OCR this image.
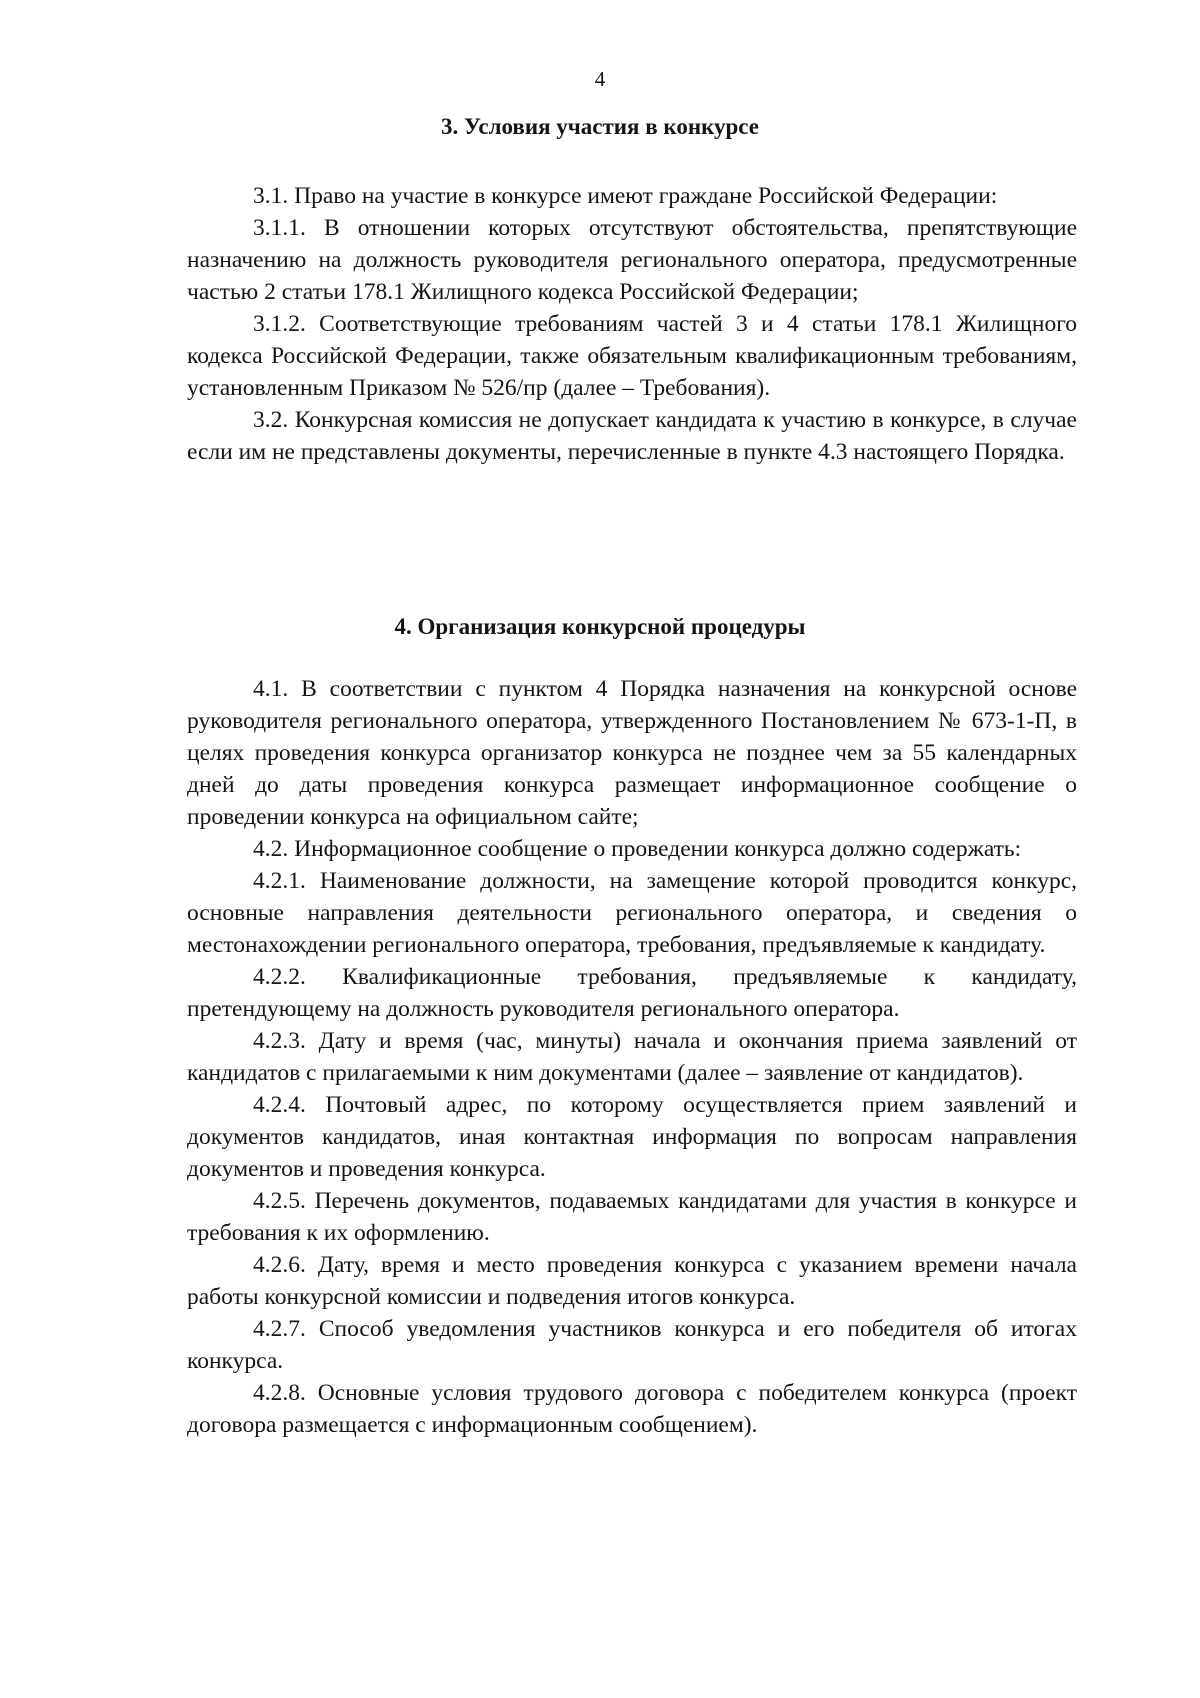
4
3. Условия участия в конкурсе

3.1. Право на участие в конкурсе имеют граждане Российской Федерации:

3.1.1. В отношении которых отсутствуют обстоятельства, препятствующие назначению на должность руководителя регионального оператора, предусмотренные частью 2 статьи 178.1 Жилищного кодекса Российской Федерации;

3.1.2. Соответствующие требованиям частей 3 и 4 статьи 178.1 Жилищного кодекса Российской Федерации, также обязательным квалификационным требованиям, установленным Приказом № 526/пр (далее – Требования).

3.2. Конкурсная комиссия не допускает кандидата к участию в конкурсе, в случае если им не представлены документы, перечисленные в пункте 4.3 настоящего Порядка.

4. Организация конкурсной процедуры

4.1. В соответствии с пунктом 4 Порядка назначения на конкурсной основе руководителя регионального оператора, утвержденного Постановлением № 673-1-П, в целях проведения конкурса организатор конкурса не позднее чем за 55 календарных дней до даты проведения конкурса размещает информационное сообщение о проведении конкурса на официальном сайте;

4.2. Информационное сообщение о проведении конкурса должно содержать:

4.2.1. Наименование должности, на замещение которой проводится конкурс, основные направления деятельности регионального оператора, и сведения о местонахождении регионального оператора, требования, предъявляемые к кандидату.

4.2.2. Квалификационные требования, предъявляемые к кандидату, претендующему на должность руководителя регионального оператора.

4.2.3. Дату и время (час, минуты) начала и окончания приема заявлений от кандидатов с прилагаемыми к ним документами (далее – заявление от кандидатов).

4.2.4. Почтовый адрес, по которому осуществляется прием заявлений и документов кандидатов, иная контактная информация по вопросам направления документов и проведения конкурса.

4.2.5. Перечень документов, подаваемых кандидатами для участия в конкурсе и требования к их оформлению.

4.2.6. Дату, время и место проведения конкурса с указанием времени начала работы конкурсной комиссии и подведения итогов конкурса.

4.2.7. Способ уведомления участников конкурса и его победителя об итогах конкурса.

4.2.8. Основные условия трудового договора с победителем конкурса (проект договора размещается с информационным сообщением).
